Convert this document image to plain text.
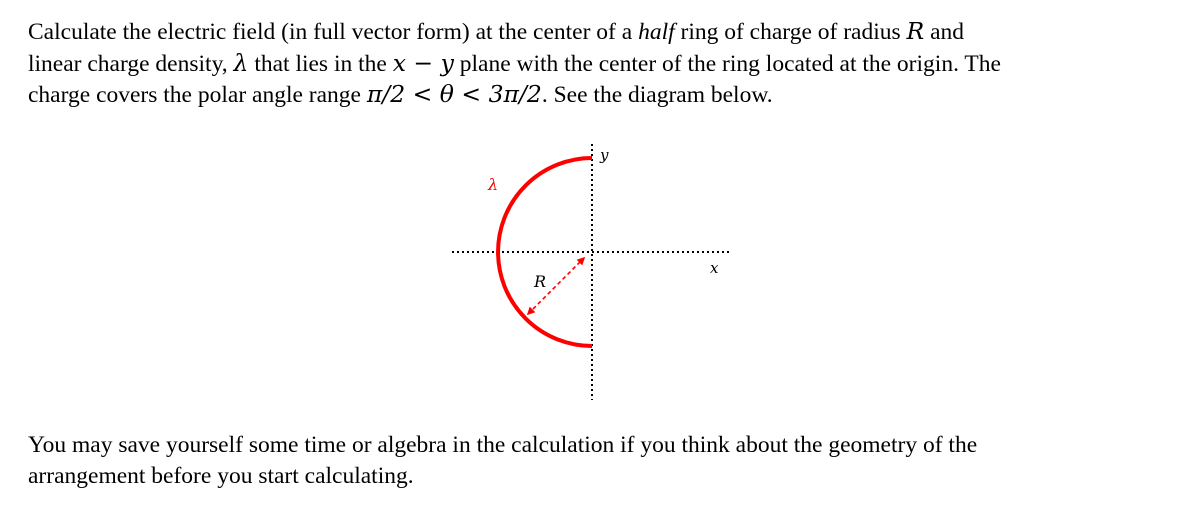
Calculate the electric field (in full vector form) at the center of a half ring of charge of radius R and

linear charge density, λ that lies in the x − y plane with the center of the ring located at the origin. The

charge covers the polar angle range π/2 < θ < 3π/2. See the diagram below.

y
x
λ
R

You may save yourself some time or algebra in the calculation if you think about the geometry of the

arrangement before you start calculating.
